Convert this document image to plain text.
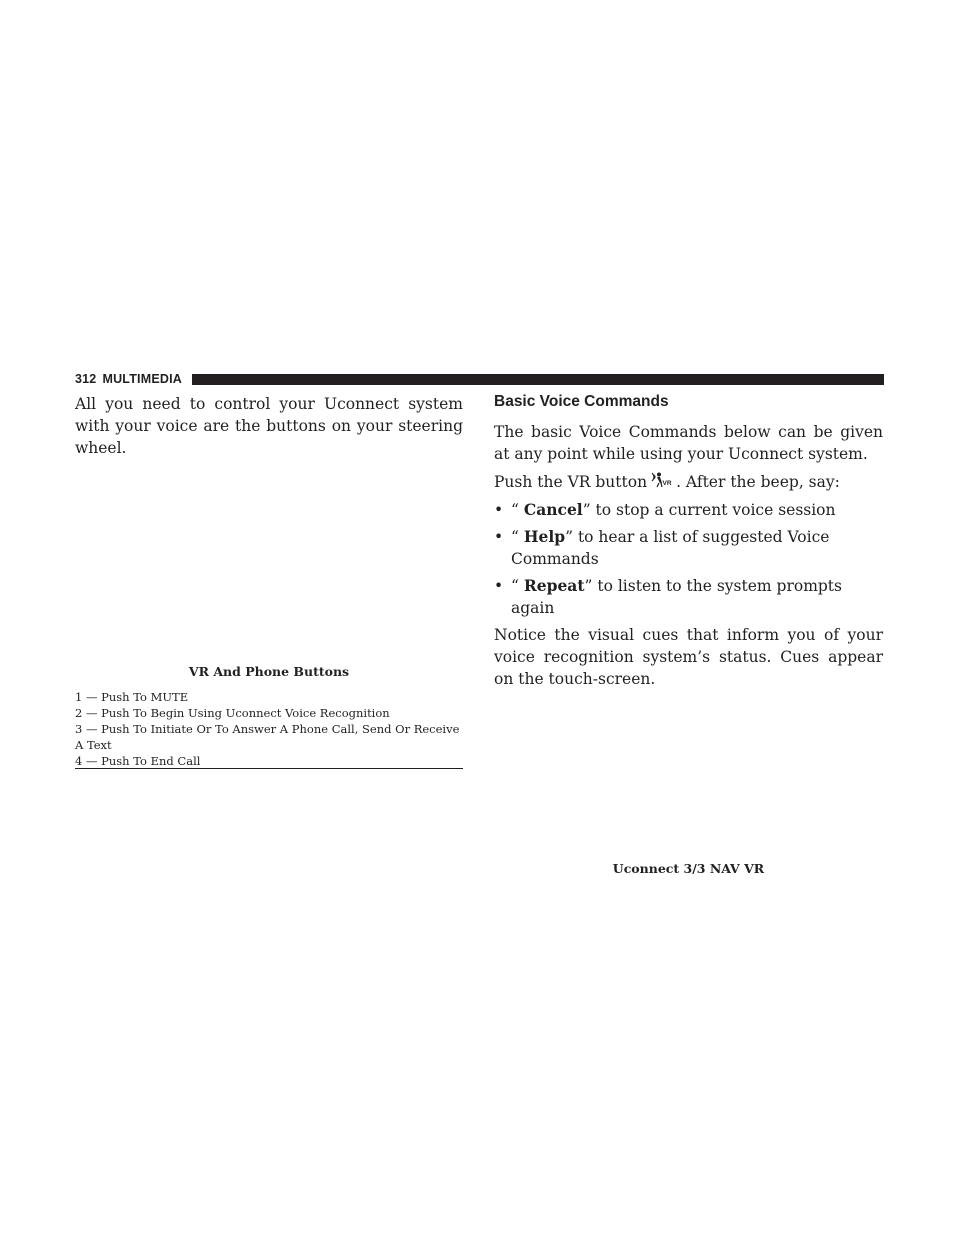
312 MULTIMEDIA

All you need to control your Uconnect system with your voice are the buttons on your steering wheel.

VR And Phone Buttons

1 — Push To MUTE

2 — Push To Begin Using Uconnect Voice Recognition

3 — Push To Initiate Or To Answer A Phone Call, Send Or Receive A Text

4 — Push To End Call

Basic Voice Commands

The basic Voice Commands below can be given at any point while using your Uconnect system.

Push the VR button VR . After the beep, say:

• “ Cancel” to stop a current voice session
• “ Help” to hear a list of suggested Voice Commands
• “ Repeat” to listen to the system prompts again

Notice the visual cues that inform you of your voice recognition system’s status. Cues appear on the touch-screen.

Uconnect 3/3 NAV VR
